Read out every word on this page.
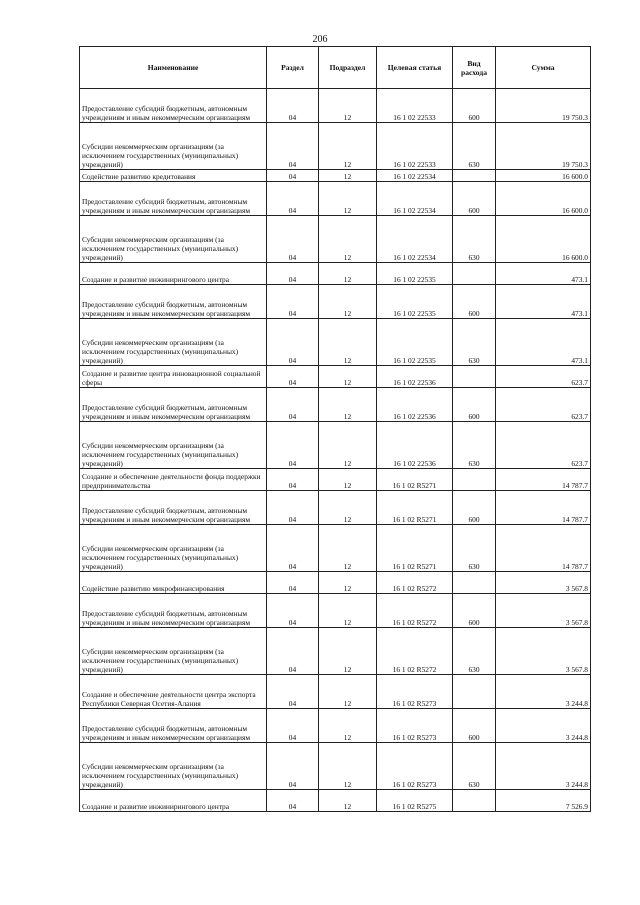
206
Наименование	Раздел	Подраздел	Целевая статья	Вид расхода	Сумма
Предоставление субсидий бюджетным, автономным учреждениям и иным некоммерческим организациям	04	12	16 1 02 22533	600	19 750.3
Субсидии некоммерческим организациям (за исключением государственных (муниципальных) учреждений)	04	12	16 1 02 22533	630	19 750.3
Содействие развитию кредитования	04	12	16 1 02 22534		16 600.0
Предоставление субсидий бюджетным, автономным учреждениям и иным некоммерческим организациям	04	12	16 1 02 22534	600	16 600.0
Субсидии некоммерческим организациям (за исключением государственных (муниципальных) учреждений)	04	12	16 1 02 22534	630	16 600.0
Создание и развитие инжинирингового центра	04	12	16 1 02 22535		473.1
Предоставление субсидий бюджетным, автономным учреждениям и иным некоммерческим организациям	04	12	16 1 02 22535	600	473.1
Субсидии некоммерческим организациям (за исключением государственных (муниципальных) учреждений)	04	12	16 1 02 22535	630	473.1
Создание и развитие центра инновационной социальной сферы	04	12	16 1 02 22536		623.7
Предоставление субсидий бюджетным, автономным учреждениям и иным некоммерческим организациям	04	12	16 1 02 22536	600	623.7
Субсидии некоммерческим организациям (за исключением государственных (муниципальных) учреждений)	04	12	16 1 02 22536	630	623.7
Создание и обеспечение деятельности фонда поддержки предпринимательства	04	12	16 1 02 R5271		14 787.7
Предоставление субсидий бюджетным, автономным учреждениям и иным некоммерческим организациям	04	12	16 1 02 R5271	600	14 787.7
Субсидии некоммерческим организациям (за исключением государственных (муниципальных) учреждений)	04	12	16 1 02 R5271	630	14 787.7
Содействие развитию микрофинансирования	04	12	16 1 02 R5272		3 567.8
Предоставление субсидий бюджетным, автономным учреждениям и иным некоммерческим организациям	04	12	16 1 02 R5272	600	3 567.8
Субсидии некоммерческим организациям (за исключением государственных (муниципальных) учреждений)	04	12	16 1 02 R5272	630	3 567.8
Создание и обеспечение деятельности центра экспорта Республики Северная Осетия-Алания	04	12	16 1 02 R5273		3 244.8
Предоставление субсидий бюджетным, автономным учреждениям и иным некоммерческим организациям	04	12	16 1 02 R5273	600	3 244.8
Субсидии некоммерческим организациям (за исключением государственных (муниципальных) учреждений)	04	12	16 1 02 R5273	630	3 244.8
Создание и развитие инжинирингового центра	04	12	16 1 02 R5275		7 526.9
